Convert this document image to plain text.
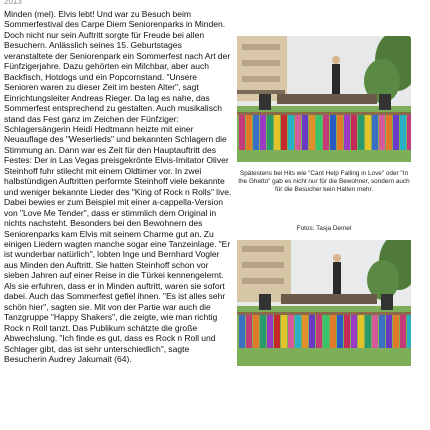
2013
Minden (mel). Elvis lebt! Und war zu Besuch beim Sommerfestival des Carpe Diem Seniorenparks in Minden. Doch nicht nur sein Auftritt sorgte für Freude bei allen Besuchern. Anlässlich seines 15. Geburtstages veranstaltete der Seniorenpark ein Sommerfest nach Art der Fünfzigerjahre. Dazu gehörten ein Milchbar, aber auch Backfisch, Hotdogs und ein Popcornstand. "Unsere Senioren waren zu dieser Zeit im besten Alter", sagt Einrichtungsleiter Andreas Rieger. Da lag es nahe, das Sommerfest entsprechend zu gestalten. Auch musikalisch stand das Fest ganz im Zeichen der Fünfziger: Schlagersängerin Heidi Hedtmann heizte mit einer Neuauflage des "Weserlieds" und bekannten Schlagern die Stimmung an. Dann war es Zeit für den Hauptauftritt des Festes: Der in Las Vegas preisgekrönte Elvis-Imitator Oliver Steinhoff fuhr stilecht mit einem Oldtimer vor. In zwei halbstündigen Auftritten performte Steinhoff viele bekannte und weniger bekannte Lieder des "King of Rock n Rolls" live. Dabei bewies er zum Beispiel mit einer a-cappella-Version von "Love Me Tender", dass er stimmlich dem Original in nichts nachsteht. Besonders bei den Bewohnern des Seniorenparks kam Elvis mit seinem Charme gut an. Zu einigen Liedern wagten manche sogar eine Tanzeinlage. "Er ist wunderbar natürlich", lobten Inge und Bernhard Vogler aus Minden den Auftritt. Sie hatten Steinhoff schon vor sieben Jahren auf einer Reise in die Türkei kennengelernt. Als sie erfuhren, dass er in Minden auftritt, waren sie sofort dabei. Auch das Sommerfest gefiel ihnen. "Es ist alles sehr schön hier", sagten sie. Mit von der Partie war auch die Tanzgruppe "Happy Shakers", die zeigte, wie man richtig Rock n Roll tanzt. Das Publikum schätzte die große Abwechslung. "Ich finde es gut, dass es Rock n Roll und Schlager gibt, das ist sehr unterschiedlich", sagte Besucherin Audrey Jakumait (64).
Spätestens bei Hits wie "Cant Help Falling in Love" oder "In the Ghetto" gab es nicht nur für die Bewohner, sondern auch für die Besucher kein Halten mehr.
Fotos: Tasja Demel
